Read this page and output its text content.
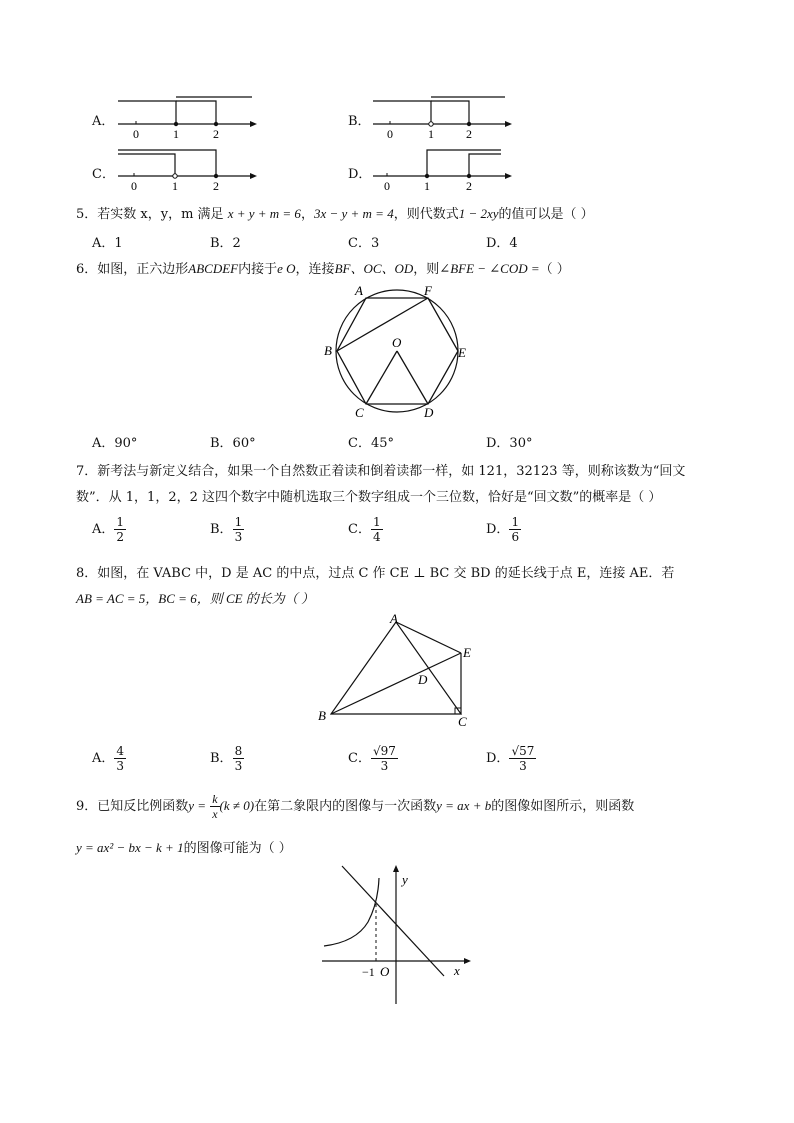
A．
0	1	2
B．
0	1	2
C．
0	1	2
D．
0	1	2
5．若实数 x，y，m 满足 x + y + m = 6，3x − y + m = 4，则代数式1 − 2xy的值可以是（ ）
A．1	B．2	C．3	D．4
6．如图，正六边形ABCDEF内接于e O，连接BF、OC、OD，则∠BFE − ∠COD =（ ）
A	F
B	E
O
C	D
A．90°	B．60°	C．45°	D．30°
7．新考法与新定义结合，如果一个自然数正着读和倒着读都一样，如 121，32123 等，则称该数为“回文
数”．从 1，1，2，2 这四个数字中随机选取三个数字组成一个三位数，恰好是“回文数”的概率是（ ）
A． $\frac{1}{2}$	B． $\frac{1}{3}$	C． $\frac{1}{4}$	D． $\frac{1}{6}$
8．如图，在 VABC 中，D 是 AC 的中点，过点 C 作 CE ⊥ BC 交 BD 的延长线于点 E，连接 AE．若
AB = AC = 5，BC = 6，则 CE 的长为（ ）
A
E
D
B	C
A． $\frac{4}{3}$	B． $\frac{8}{3}$	C． $\frac{√97}{3}$	D． $\frac{√57}{3}$
9．已知反比例函数$y = \frac{k}{x} (k \ne 0)$在第二象限内的图像与一次函数y = ax + b的图像如图所示，则函数
y = ax² − bx − k + 1的图像可能为（ ）
y
x
−1 O
